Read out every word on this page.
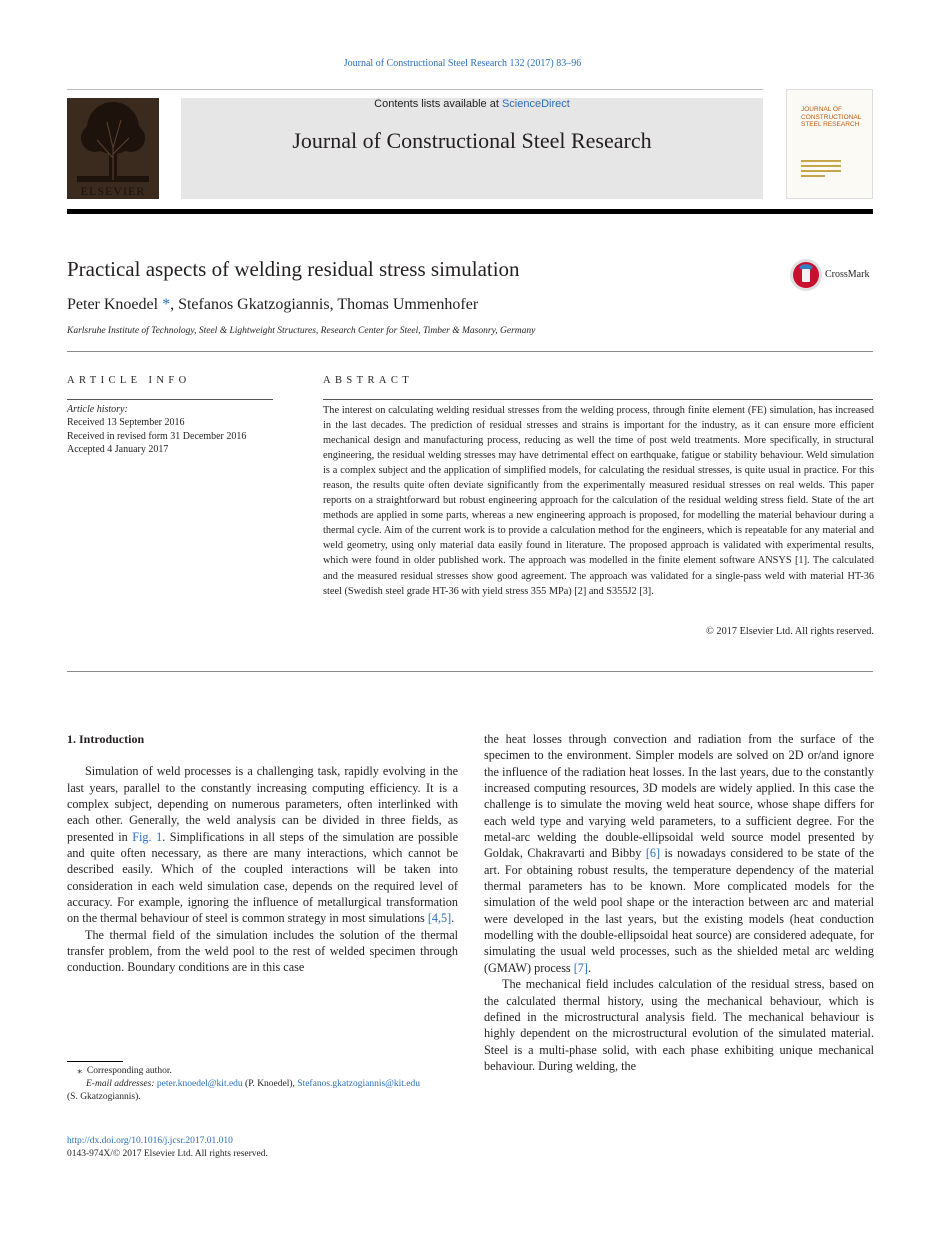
Journal of Constructional Steel Research 132 (2017) 83–96
ELSEVIER
Contents lists available at ScienceDirect
Journal of Constructional Steel Research
JOURNAL OF CONSTRUCTIONAL STEEL RESEARCH
Practical aspects of welding residual stress simulation	CrossMark
Peter Knoedel *, Stefanos Gkatzogiannis, Thomas Ummenhofer
Karlsruhe Institute of Technology, Steel & Lightweight Structures, Research Center for Steel, Timber & Masonry, Germany
ARTICLE INFO	ABSTRACT
Article history:
Received 13 September 2016
Received in revised form 31 December 2016
Accepted 4 January 2017
The interest on calculating welding residual stresses from the welding process, through finite element (FE) simulation, has increased in the last decades. The prediction of residual stresses and strains is important for the industry, as it can ensure more efficient mechanical design and manufacturing process, reducing as well the time of post weld treatments. More specifically, in structural engineering, the residual welding stresses may have detrimental effect on earthquake, fatigue or stability behaviour. Weld simulation is a complex subject and the application of simplified models, for calculating the residual stresses, is quite usual in practice. For this reason, the results quite often deviate significantly from the experimentally measured residual stresses on real welds. This paper reports on a straightforward but robust engineering approach for the calculation of the residual welding stress field. State of the art methods are applied in some parts, whereas a new engineering approach is proposed, for modelling the material behaviour during a thermal cycle. Aim of the current work is to provide a calculation method for the engineers, which is repeatable for any material and weld geometry, using only material data easily found in literature. The proposed approach is validated with experimental results, which were found in older published work. The approach was modelled in the finite element software ANSYS [1]. The calculated and the measured residual stresses show good agreement. The approach was validated for a single-pass weld with material HT-36 steel (Swedish steel grade HT-36 with yield stress 355 MPa) [2] and S355J2 [3].
© 2017 Elsevier Ltd. All rights reserved.
1. Introduction

Simulation of weld processes is a challenging task, rapidly evolving in the last years, parallel to the constantly increasing computing efficiency. It is a complex subject, depending on numerous parameters, often interlinked with each other. Generally, the weld analysis can be divided in three fields, as presented in Fig. 1. Simplifications in all steps of the simulation are possible and quite often necessary, as there are many interactions, which cannot be described easily. Which of the coupled interactions will be taken into consideration in each weld simulation case, depends on the required level of accuracy. For example, ignoring the influence of metallurgical transformation on the thermal behaviour of steel is common strategy in most simulations [4,5].

The thermal field of the simulation includes the solution of the thermal transfer problem, from the weld pool to the rest of welded specimen through conduction. Boundary conditions are in this case

the heat losses through convection and radiation from the surface of the specimen to the environment. Simpler models are solved on 2D or/and ignore the influence of the radiation heat losses. In the last years, due to the constantly increased computing resources, 3D models are widely applied. In this case the challenge is to simulate the moving weld heat source, whose shape differs for each weld type and varying weld parameters, to a sufficient degree. For the metal-arc welding the double-ellipsoidal weld source model presented by Goldak, Chakravarti and Bibby [6] is nowadays considered to be state of the art. For obtaining robust results, the temperature dependency of the material thermal parameters has to be known. More complicated models for the simulation of the weld pool shape or the interaction between arc and material were developed in the last years, but the existing models (heat conduction modelling with the double-ellipsoidal heat source) are considered adequate, for simulating the usual weld processes, such as the shielded metal arc welding (GMAW) process [7].

The mechanical field includes calculation of the residual stress, based on the calculated thermal history, using the mechanical behaviour, which is defined in the microstructural analysis field. The mechanical behaviour is highly dependent on the microstructural evolution of the simulated material. Steel is a multi-phase solid, with each phase exhibiting unique mechanical behaviour. During welding, the

⁎  Corresponding author.
E-mail addresses: peter.knoedel@kit.edu (P. Knoedel), Stefanos.gkatzogiannis@kit.edu
(S. Gkatzogiannis).
http://dx.doi.org/10.1016/j.jcsr.2017.01.010
0143-974X/© 2017 Elsevier Ltd. All rights reserved.
